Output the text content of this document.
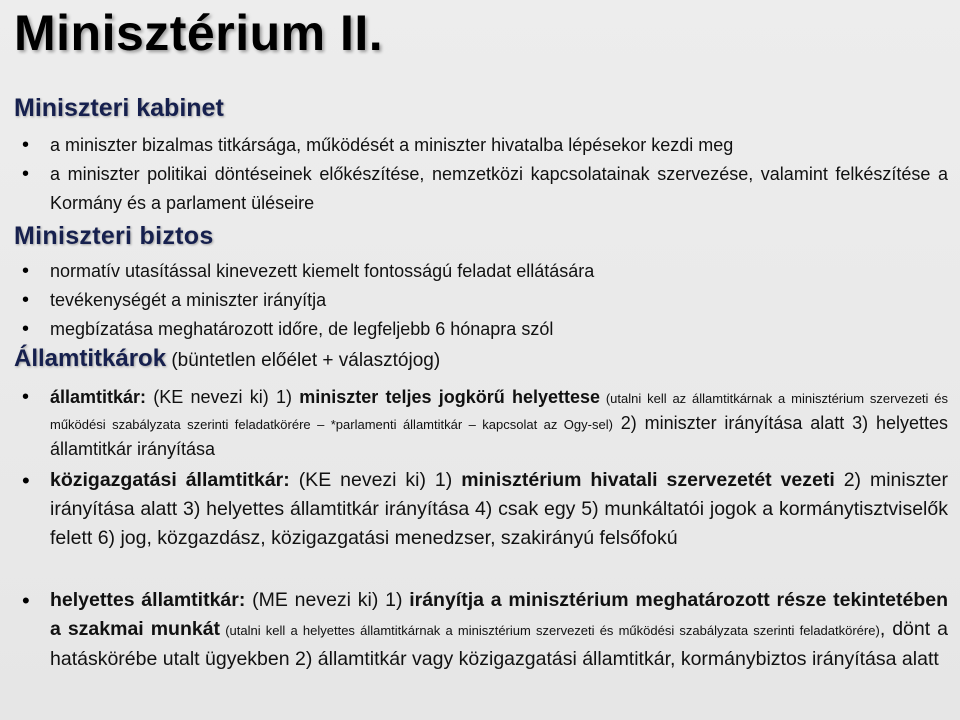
Minisztérium II.
Miniszteri kabinet
• a miniszter bizalmas titkársága, működését a miniszter hivatalba lépésekor kezdi meg
• a miniszter politikai döntéseinek előkészítése, nemzetközi kapcsolatainak szervezése, valamint felkészítése a Kormány és a parlament üléseire
Miniszteri biztos
• normatív utasítással kinevezett kiemelt fontosságú feladat ellátására
• tevékenységét a miniszter irányítja
• megbízatása meghatározott időre, de legfeljebb 6 hónapra szól
Államtitkárok (büntetlen előélet + választójog)
• államtitkár: (KE nevezi ki) 1) miniszter teljes jogkörű helyettese (utalni kell az államtitkárnak a minisztérium szervezeti és működési szabályzata szerinti feladatkörére – *parlamenti államtitkár – kapcsolat az Ogy-sel) 2) miniszter irányítása alatt 3) helyettes államtitkár irányítása
• közigazgatási államtitkár: (KE nevezi ki) 1) minisztérium hivatali szervezetét vezeti 2) miniszter irányítása alatt 3) helyettes államtitkár irányítása 4) csak egy 5) munkáltatói jogok a kormánytisztviselők felett 6) jog, közgazdász, közigazgatási menedzser, szakirányú felsőfokú
• helyettes államtitkár: (ME nevezi ki) 1) irányítja a minisztérium meghatározott része tekintetében a szakmai munkát (utalni kell a helyettes államtitkárnak a minisztérium szervezeti és működési szabályzata szerinti feladatkörére), dönt a hatáskörébe utalt ügyekben 2) államtitkár vagy közigazgatási államtitkár, kormánybiztos irányítása alatt
